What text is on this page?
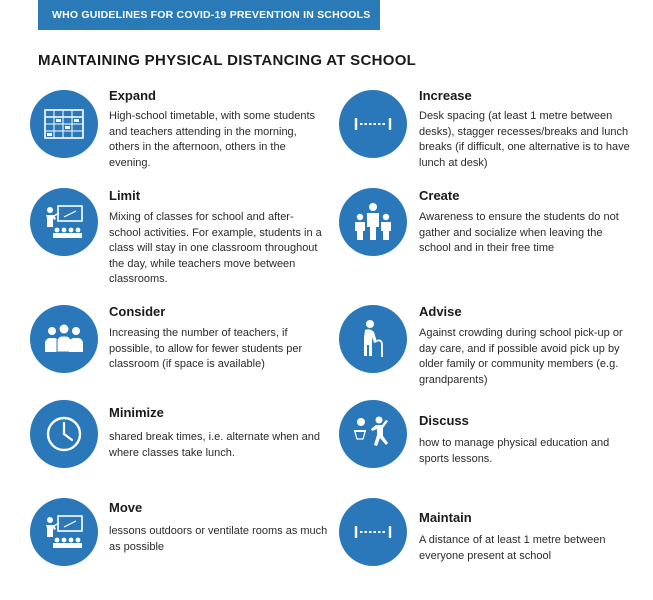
WHO GUIDELINES FOR COVID-19 PREVENTION IN SCHOOLS
MAINTAINING PHYSICAL DISTANCING AT SCHOOL
Expand
High-school timetable, with some students and teachers attending in the morning, others in the afternoon, others in the evening.
Limit
Mixing of classes for school and after-school activities. For example, students in a class will stay in one classroom throughout the day, while teachers move between classrooms.
Consider
Increasing the number of teachers, if possible, to allow for fewer students per classroom (if space is available)
Minimize
shared break times, i.e. alternate when and where classes take lunch.
Move
lessons outdoors or ventilate rooms as much as possible
Increase
Desk spacing (at least 1 metre between desks), stagger recesses/breaks and lunch breaks (if difficult, one alternative is to have lunch at desk)
Create
Awareness to ensure the students do not gather and socialize when leaving the school and in their free time
Advise
Against crowding during school pick-up or day care, and if possible avoid pick up by older family or community members (e.g. grandparents)
Discuss
how to manage physical education and sports lessons.
Maintain
A distance of at least 1 metre between everyone present at school
